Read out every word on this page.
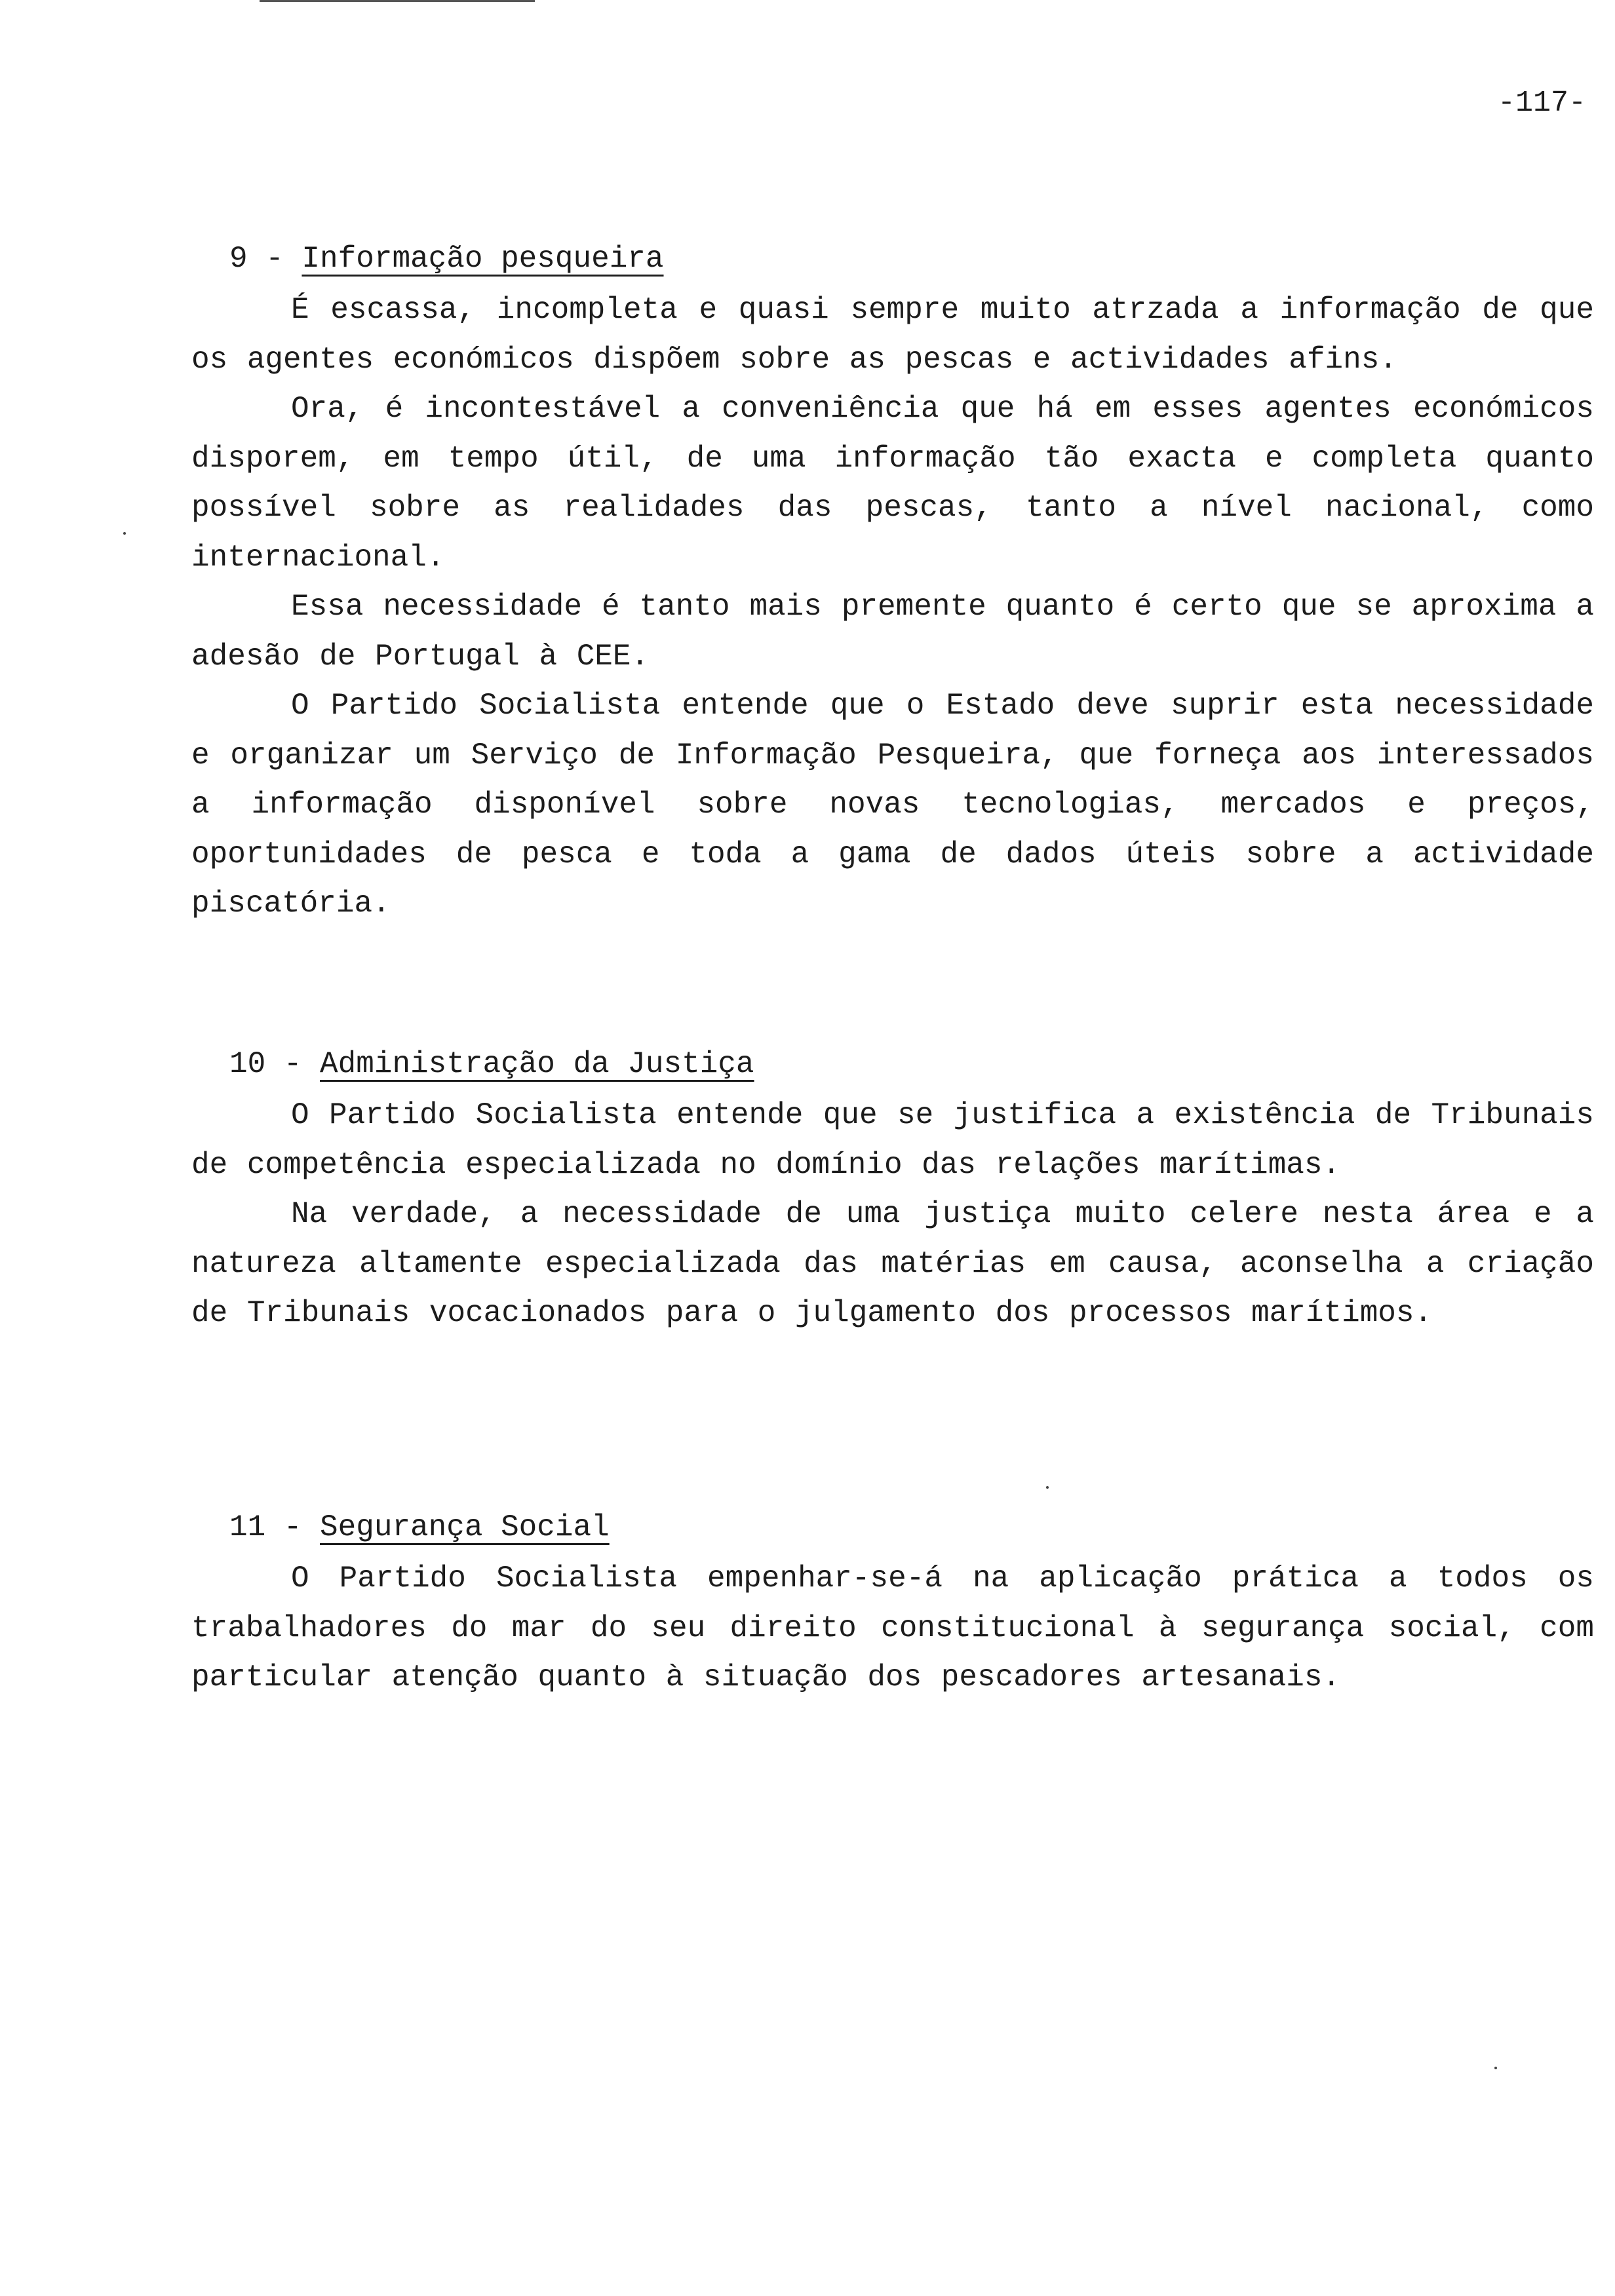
-117-
9 - Informação pesqueira

É escassa, incompleta e quasi sempre muito atrzada a informação de que os agentes económicos dispõem sobre as pescas e actividades afins.

Ora, é incontestável a conveniência que há em esses agentes económicos disporem, em tempo útil, de uma informação tão exacta e completa quanto possível sobre as realidades das pescas, tanto a nível nacional, como internacional.

Essa necessidade é tanto mais premente quanto é certo que se aproxima a adesão de Portugal à CEE.

O Partido Socialista entende que o Estado deve suprir esta necessidade e organizar um Serviço de Informação Pesqueira, que forneça aos interessados a informação disponível sobre novas tecnologias, mercados e preços, oportunidades de pesca e toda a gama de dados úteis sobre a actividade piscatória.

10 - Administração da Justiça

O Partido Socialista entende que se justifica a existência de Tribunais de competência especializada no domínio das relações marítimas.

Na verdade, a necessidade de uma justiça muito celere nesta área e a natureza altamente especializada das matérias em causa, aconselha a criação de Tribunais vocacionados para o julgamento dos processos marítimos.

11 - Segurança Social

O Partido Socialista empenhar-se-á na aplicação prática a todos os trabalhadores do mar do seu direito constitucional à segurança social, com particular atenção quanto à situação dos pescadores artesanais.
